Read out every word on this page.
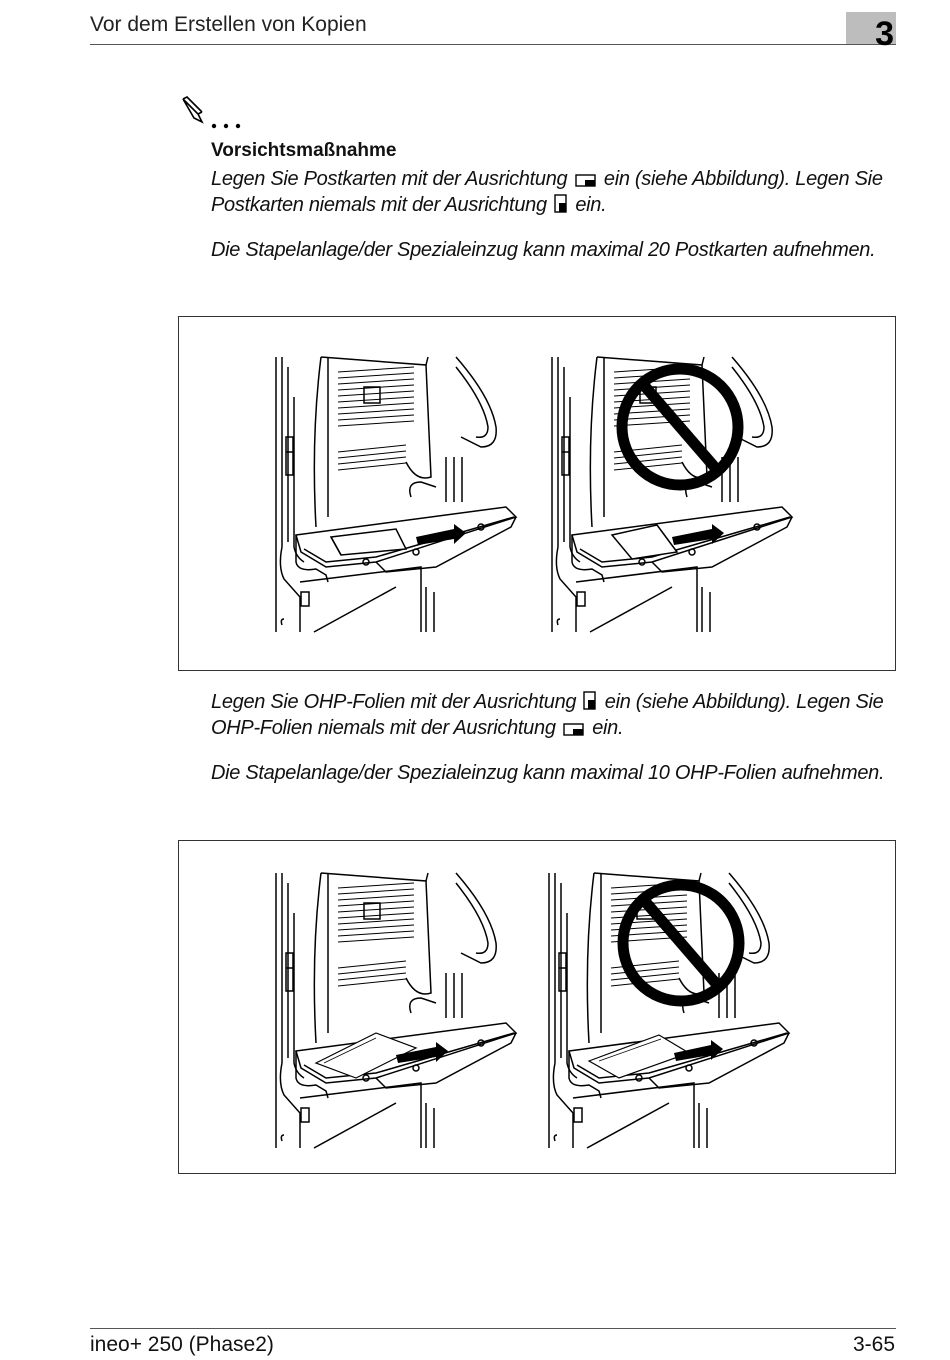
Vor dem Erstellen von Kopien	3
Vorsichtsmaßnahme

Legen Sie Postkarten mit der Ausrichtung ein (siehe Abbildung). Legen Sie Postkarten niemals mit der Ausrichtung ein.

Die Stapelanlage/der Spezialeinzug kann maximal 20 Postkarten aufnehmen.

Legen Sie OHP-Folien mit der Ausrichtung ein (siehe Abbildung). Legen Sie OHP-Folien niemals mit der Ausrichtung ein.

Die Stapelanlage/der Spezialeinzug kann maximal 10 OHP-Folien aufnehmen.

ineo+ 250 (Phase2)	3-65
